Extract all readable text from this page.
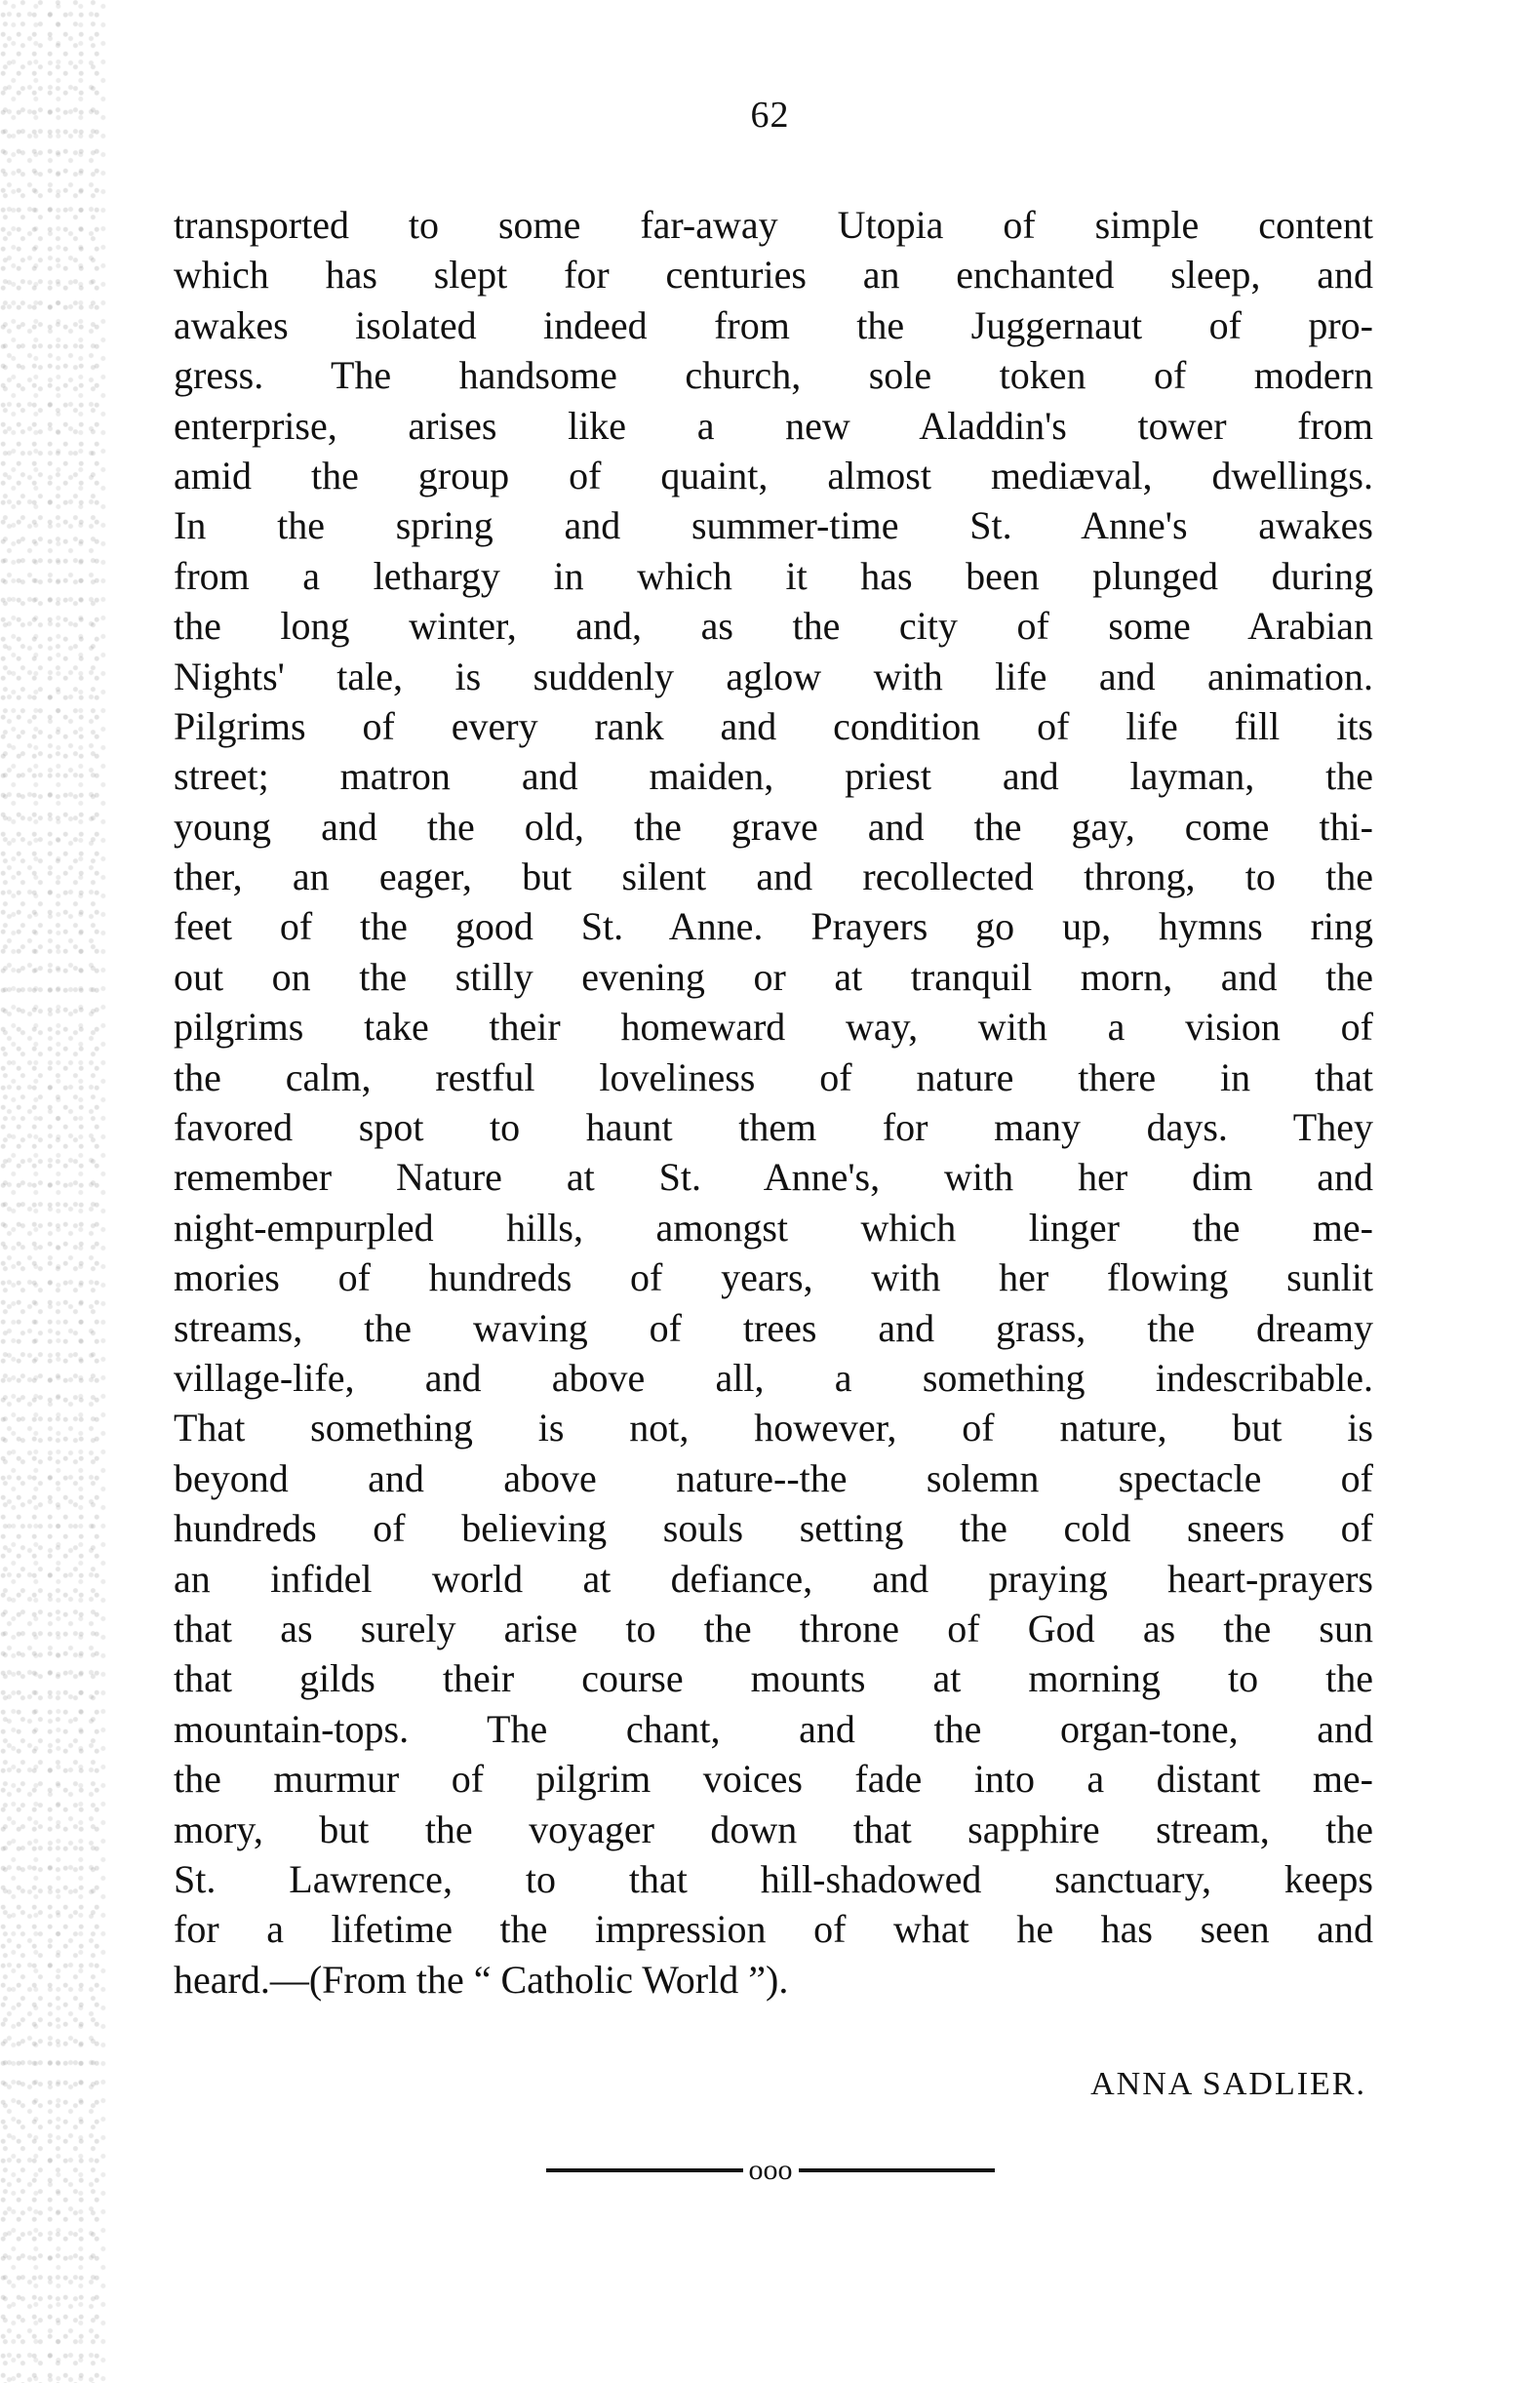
62
transported to some far-away Utopia of simple content
which has slept for centuries an enchanted sleep, and
awakes isolated indeed from the Juggernaut of pro-
gress. The handsome church, sole token of modern
enterprise, arises like a new Aladdin's tower from
amid the group of quaint, almost mediæval, dwellings.
In the spring and summer-time St. Anne's awakes
from a lethargy in which it has been plunged during
the long winter, and, as the city of some Arabian
Nights' tale, is suddenly aglow with life and animation.
Pilgrims of every rank and condition of life fill its
street; matron and maiden, priest and layman, the
young and the old, the grave and the gay, come thi-
ther, an eager, but silent and recollected throng, to the
feet of the good St. Anne. Prayers go up, hymns ring
out on the stilly evening or at tranquil morn, and the
pilgrims take their homeward way, with a vision of
the calm, restful loveliness of nature there in that
favored spot to haunt them for many days. They
remember Nature at St. Anne's, with her dim and
night-empurpled hills, amongst which linger the me-
mories of hundreds of years, with her flowing sunlit
streams, the waving of trees and grass, the dreamy
village-life, and above all, a something indescribable.
That something is not, however, of nature, but is
beyond and above nature--the solemn spectacle of
hundreds of believing souls setting the cold sneers of
an infidel world at defiance, and praying heart-prayers
that as surely arise to the throne of God as the sun
that gilds their course mounts at morning to the
mountain-tops. The chant, and the organ-tone, and
the murmur of pilgrim voices fade into a distant me-
mory, but the voyager down that sapphire stream, the
St. Lawrence, to that hill-shadowed sanctuary, keeps
for a lifetime the impression of what he has seen and
heard.—(From the “ Catholic World ”).
ANNA SADLIER.
ooo
